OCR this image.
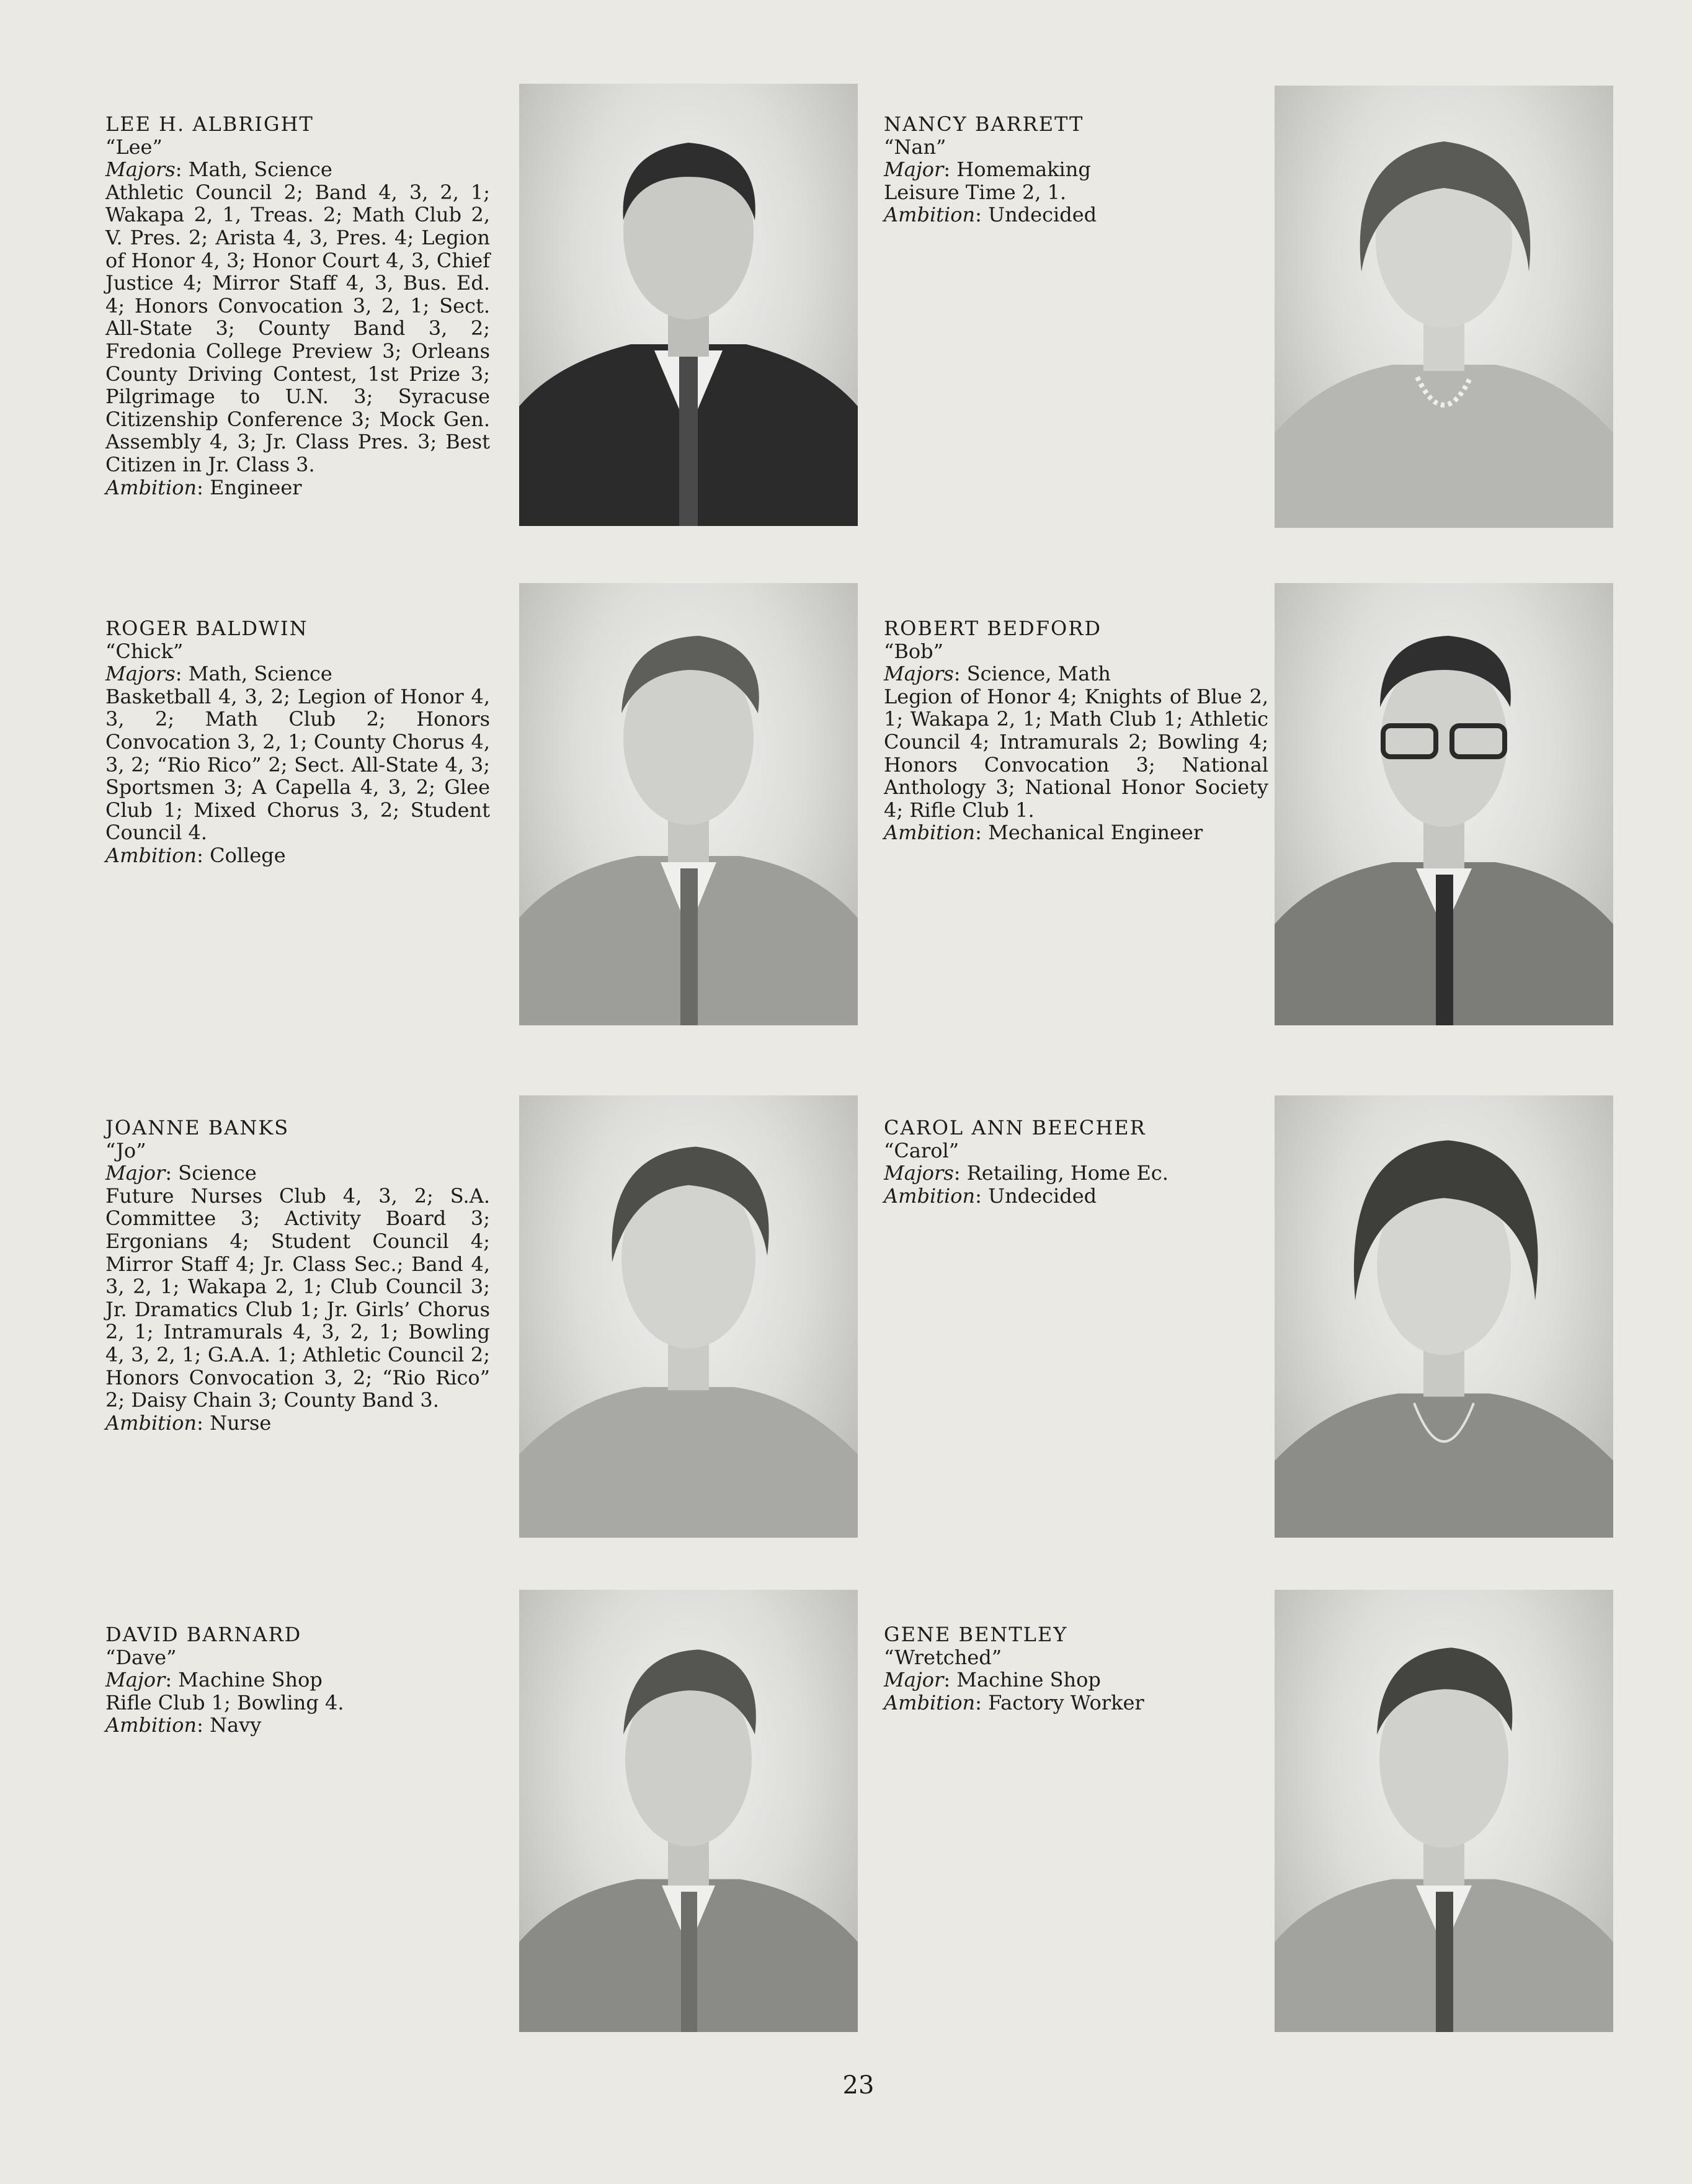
LEE H. ALBRIGHT
“Lee”
Majors: Math, Science
Athletic Council 2; Band 4, 3, 2, 1; Wakapa 2, 1, Treas. 2; Math Club 2, V. Pres. 2; Arista 4, 3, Pres. 4; Legion of Honor 4, 3; Honor Court 4, 3, Chief Justice 4; Mirror Staff 4, 3, Bus. Ed. 4; Honors Convocation 3, 2, 1; Sect. All-State 3; County Band 3, 2; Fredonia College Preview 3; Orleans County Driving Contest, 1st Prize 3; Pilgrimage to U.N. 3; Syracuse Citizenship Conference 3; Mock Gen. Assembly 4, 3; Jr. Class Pres. 3; Best Citizen in Jr. Class 3.
Ambition: Engineer
NANCY BARRETT
“Nan”
Major: Homemaking
Leisure Time 2, 1.
Ambition: Undecided
ROGER BALDWIN
“Chick”
Majors: Math, Science
Basketball 4, 3, 2; Legion of Honor 4, 3, 2; Math Club 2; Honors Convocation 3, 2, 1; County Chorus 4, 3, 2; “Rio Rico” 2; Sect. All-State 4, 3; Sportsmen 3; A Capella 4, 3, 2; Glee Club 1; Mixed Chorus 3, 2; Student Council 4.
Ambition: College
ROBERT BEDFORD
“Bob”
Majors: Science, Math
Legion of Honor 4; Knights of Blue 2, 1; Wakapa 2, 1; Math Club 1; Athletic Council 4; Intramurals 2; Bowling 4; Honors Convocation 3; National Anthology 3; National Honor Society 4; Rifle Club 1.
Ambition: Mechanical Engineer
JOANNE BANKS
“Jo”
Major: Science
Future Nurses Club 4, 3, 2; S.A. Committee 3; Activity Board 3; Ergonians 4; Student Council 4; Mirror Staff 4; Jr. Class Sec.; Band 4, 3, 2, 1; Wakapa 2, 1; Club Council 3; Jr. Dramatics Club 1; Jr. Girls’ Chorus 2, 1; Intramurals 4, 3, 2, 1; Bowling 4, 3, 2, 1; G.A.A. 1; Athletic Council 2; Honors Convocation 3, 2; “Rio Rico” 2; Daisy Chain 3; County Band 3.
Ambition: Nurse
CAROL ANN BEECHER
“Carol”
Majors: Retailing, Home Ec.
Ambition: Undecided
DAVID BARNARD
“Dave”
Major: Machine Shop
Rifle Club 1; Bowling 4.
Ambition: Navy
GENE BENTLEY
“Wretched”
Major: Machine Shop
Ambition: Factory Worker
23
